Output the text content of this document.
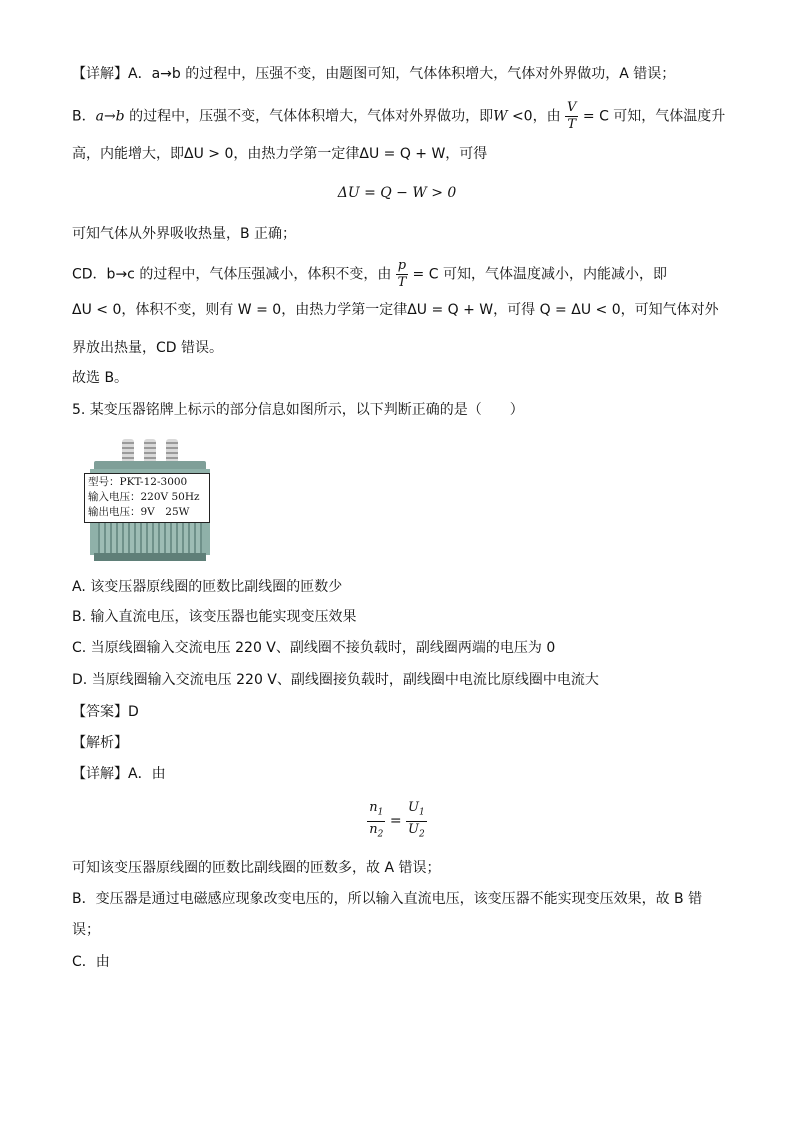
【详解】A．a→b 的过程中，压强不变，由题图可知，气体体积增大，气体对外界做功，A 错误；
B．a→b 的过程中，压强不变，气体体积增大，气体对外界做功，即W <0，由 $\frac{V}{T} = C$ 可知，气体温度升
高，内能增大，即ΔU > 0，由热力学第一定律ΔU = Q + W，可得
ΔU = Q − W > 0
可知气体从外界吸收热量，B 正确；
CD．b→c 的过程中，气体压强减小，体积不变，由 $\frac{p}{T} = C$ 可知，气体温度减小，内能减小，即
ΔU < 0，体积不变，则有 W = 0，由热力学第一定律ΔU = Q + W，可得 Q = ΔU < 0，可知气体对外
界放出热量，CD 错误。
故选 B。
5. 某变压器铭牌上标示的部分信息如图所示，以下判断正确的是（　　）
型号：PKT-12-3000
输入电压：220V 50Hz
输出电压：9V　25W
A. 该变压器原线圈的匝数比副线圈的匝数少
B. 输入直流电压，该变压器也能实现变压效果
C. 当原线圈输入交流电压 220 V、副线圈不接负载时，副线圈两端的电压为 0
D. 当原线圈输入交流电压 220 V、副线圈接负载时，副线圈中电流比原线圈中电流大
【答案】D
【解析】
【详解】A．由
$\frac{n_1}{n_2} = \frac{U_1}{U_2}$
可知该变压器原线圈的匝数比副线圈的匝数多，故 A 错误；
B．变压器是通过电磁感应现象改变电压的，所以输入直流电压，该变压器不能实现变压效果，故 B 错
误；
C．由
